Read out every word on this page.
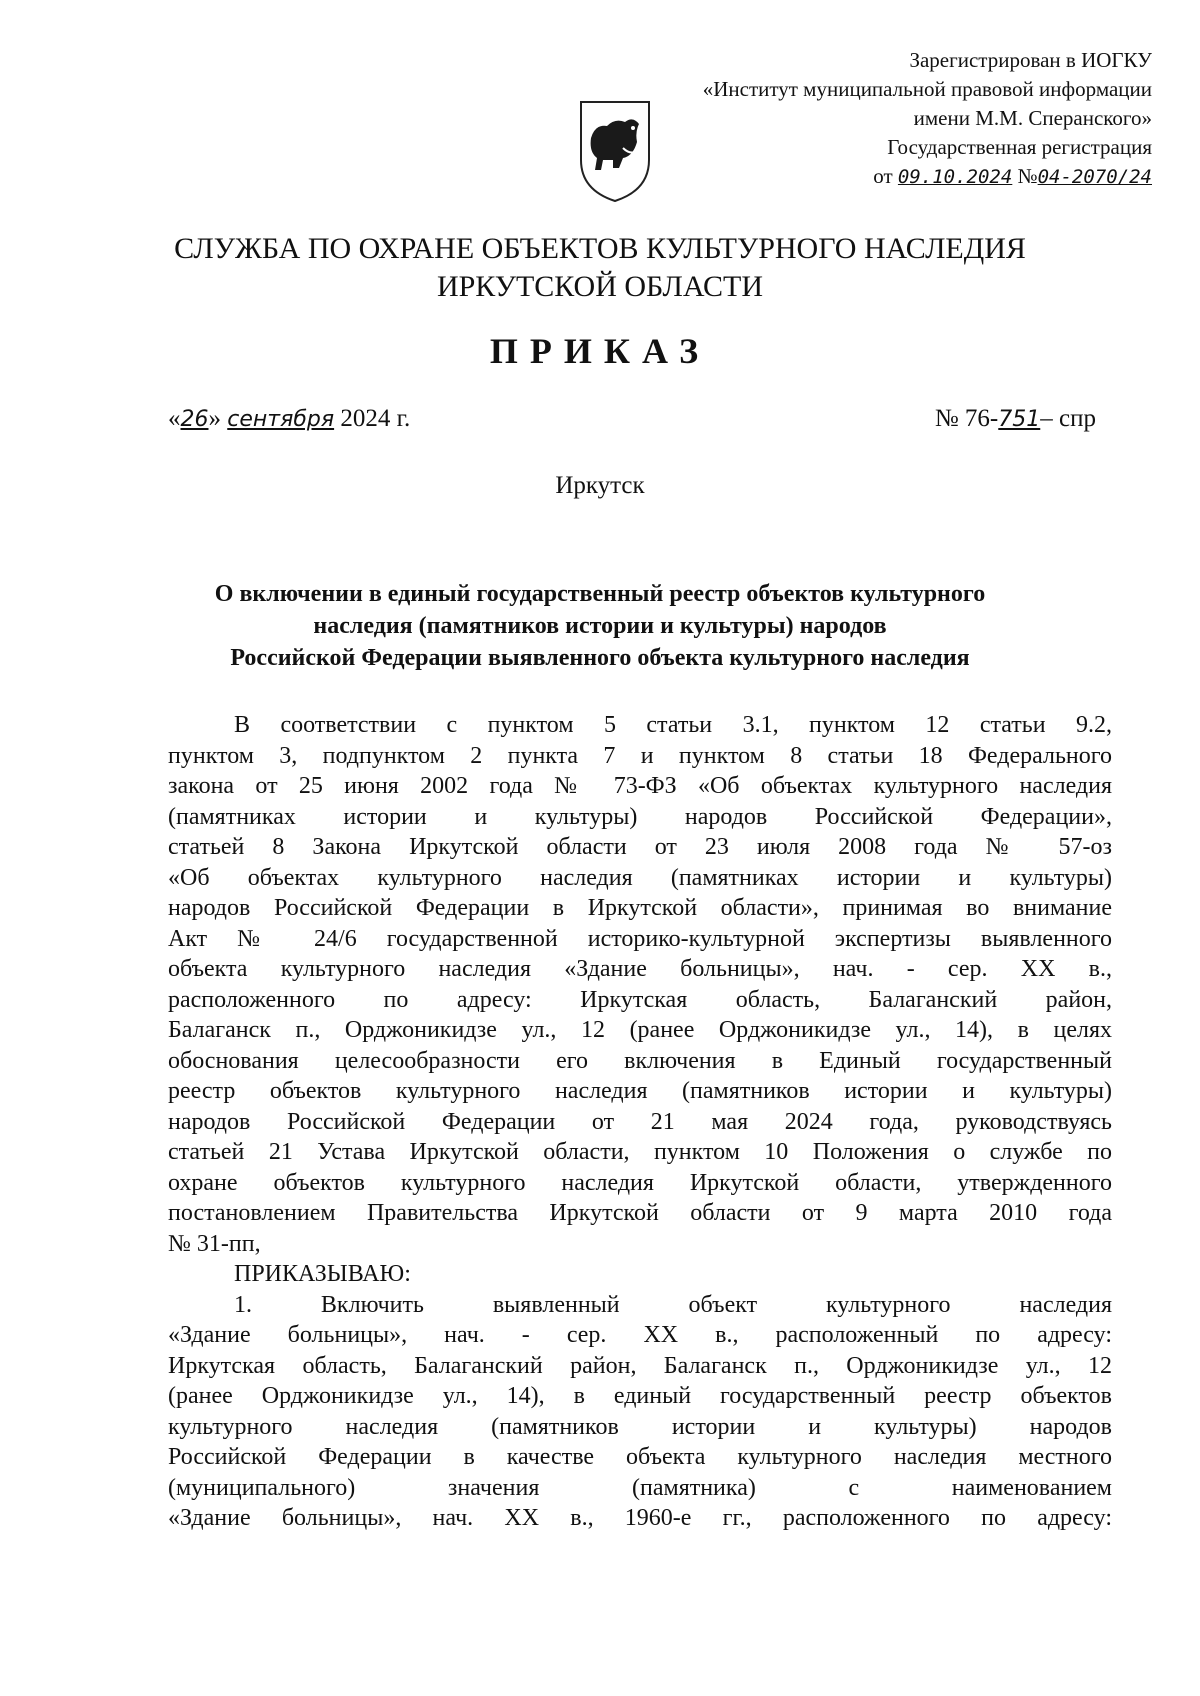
Зарегистрирован в ИОГКУ
«Институт муниципальной правовой информации
имени М.М. Сперанского»
Государственная регистрация
от 09.10.2024 №04-2070/24
СЛУЖБА ПО ОХРАНЕ ОБЪЕКТОВ КУЛЬТУРНОГО НАСЛЕДИЯ
ИРКУТСКОЙ ОБЛАСТИ
ПРИКАЗ
«26» сентября 2024 г.	№ 76-751– спр
Иркутск
О включении в единый государственный реестр объектов культурного
наследия (памятников истории и культуры) народов
Российской Федерации выявленного объекта культурного наследия
В соответствии с пунктом 5 статьи 3.1, пунктом 12 статьи 9.2,
пунктом 3, подпунктом 2 пункта 7 и пунктом 8 статьи 18 Федерального
закона от 25 июня 2002 года № 73-ФЗ «Об объектах культурного наследия
(памятниках истории и культуры) народов Российской Федерации»,
статьей 8 Закона Иркутской области от 23 июля 2008 года № 57-оз
«Об объектах культурного наследия (памятниках истории и культуры)
народов Российской Федерации в Иркутской области», принимая во внимание
Акт № 24/6 государственной историко-культурной экспертизы выявленного
объекта культурного наследия «Здание больницы», нач. - сер. XX в.,
расположенного по адресу: Иркутская область, Балаганский район,
Балаганск п., Орджоникидзе ул., 12 (ранее Орджоникидзе ул., 14), в целях
обоснования целесообразности его включения в Единый государственный
реестр объектов культурного наследия (памятников истории и культуры)
народов Российской Федерации от 21 мая 2024 года, руководствуясь
статьей 21 Устава Иркутской области, пунктом 10 Положения о службе по
охране объектов культурного наследия Иркутской области, утвержденного
постановлением Правительства Иркутской области от 9 марта 2010 года
№ 31-пп,
ПРИКАЗЫВАЮ:
1. Включить выявленный объект культурного наследия
«Здание больницы», нач. - сер. XX в., расположенный по адресу:
Иркутская область, Балаганский район, Балаганск п., Орджоникидзе ул., 12
(ранее Орджоникидзе ул., 14), в единый государственный реестр объектов
культурного наследия (памятников истории и культуры) народов
Российской Федерации в качестве объекта культурного наследия местного
(муниципального) значения (памятника) с наименованием
«Здание больницы», нач. XX в., 1960-е гг., расположенного по адресу:
